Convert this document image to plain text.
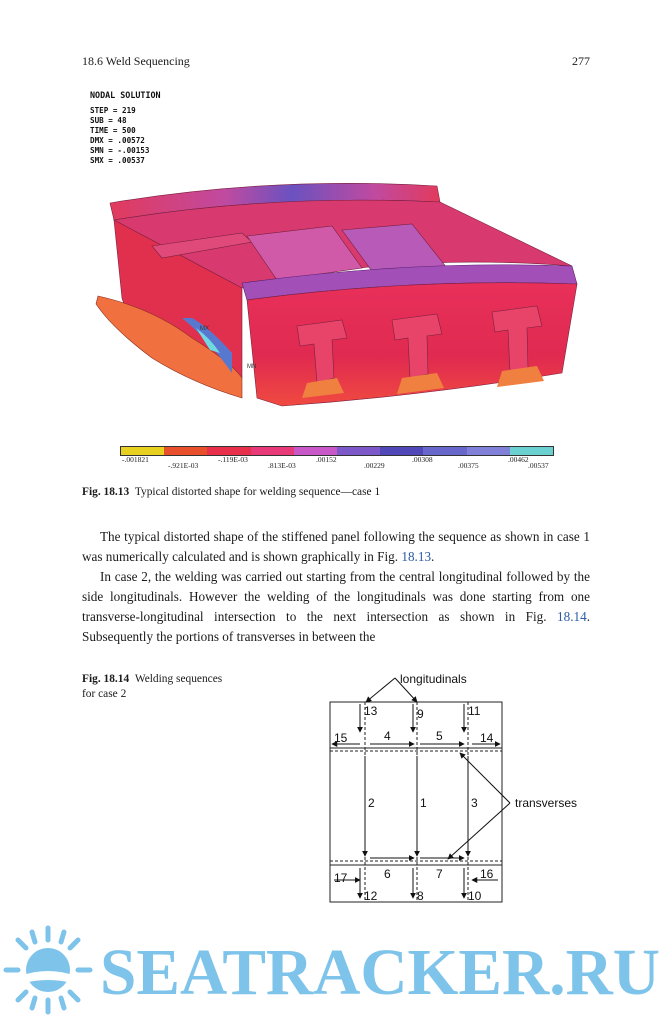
18.6 Weld Sequencing	277
NODAL SOLUTION
STEP = 219
SUB = 48
TIME = 500
DMX = .00572
SMN = -.00153
SMX = .00537
MX
MN
-.001821
-.921E-03
-.119E-03
.813E-03
.00152
.00229
.00308
.00375
.00462
.00537
Fig. 18.13 Typical distorted shape for welding sequence—case 1

The typical distorted shape of the stiffened panel following the sequence as shown in case 1 was numerically calculated and is shown graphically in Fig. 18.13.

In case 2, the welding was carried out starting from the central longitudinal followed by the side longitudinals. However the welding of the longitudinals was done starting from one transverse-longitudinal intersection to the next intersection as shown in Fig. 18.14. Subsequently the portions of transverses in between the

Fig. 18.14 Welding sequences for case 2
longitudinals
transverses
1
2	3
4	5
6	7
8
9
10
11
12
13
14
15
16
17
SEATRACKER.RU
